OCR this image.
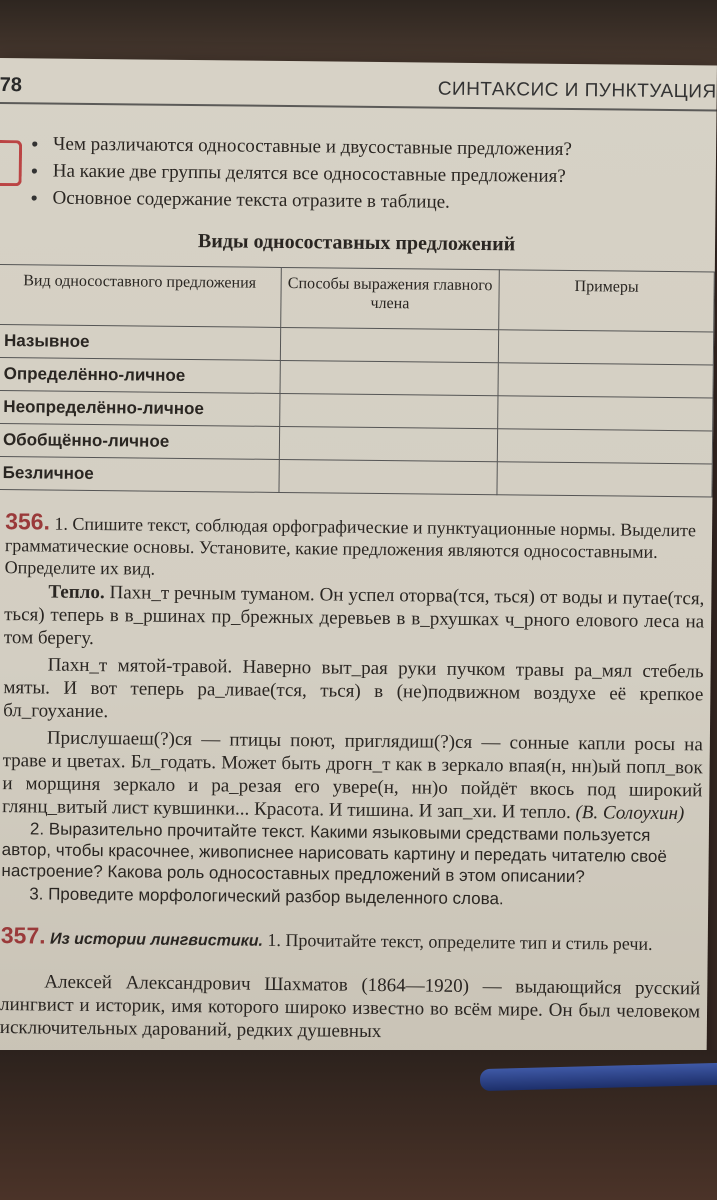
78	СИНТАКСИС И ПУНКТУАЦИЯ
● Чем различаются односоставные и двусоставные предложения?
● На какие две группы делятся все односоставные предложения?
● Основное содержание текста отразите в таблице.
Виды односоставных предложений
Вид односоставного предложения	Способы выражения главного члена	Примеры
Назывное		
Определённо-личное		
Неопределённо-личное		
Обобщённо-личное		
Безличное		
356. 1. Спишите текст, соблюдая орфографические и пунктуационные нормы. Выделите грамматические основы. Установите, какие предложения являются односоставными. Определите их вид.

Тепло. Пахн_т речным туманом. Он успел оторва(тся, ться) от воды и путае(тся, ться) теперь в в_ршинах пр_брежных деревьев в в_рхушках ч_рного елового леса на том берегу.

Пахн_т мятой-травой. Наверно выт_рая руки пучком травы ра_мял стебель мяты. И вот теперь ра_ливае(тся, ться) в (не)подвижном воздухе её крепкое бл_гоухание.

Прислушаеш(?)ся — птицы поют, приглядиш(?)ся — сонные капли росы на траве и цветах. Бл_годать. Может быть дрогн_т как в зеркало впая(н, нн)ый попл_вок и морщиня зеркало и ра_резая его увере(н, нн)о пойдёт вкось под широкий глянц_витый лист кувшинки... Красота. И тишина. И зап_хи. И тепло. (В. Солоухин)

2. Выразительно прочитайте текст. Какими языковыми средствами пользуется автор, чтобы красочнее, живописнее нарисовать картину и передать читателю своё настроение? Какова роль односоставных предложений в этом описании?

3. Проведите морфологический разбор выделенного слова.

357. Из истории лингвистики. 1. Прочитайте текст, определите тип и стиль речи.

Алексей Александрович Шахматов (1864—1920) — выдающийся русский лингвист и историк, имя которого широко известно во всём мире. Он был человеком исключительных дарований, редких душевных
